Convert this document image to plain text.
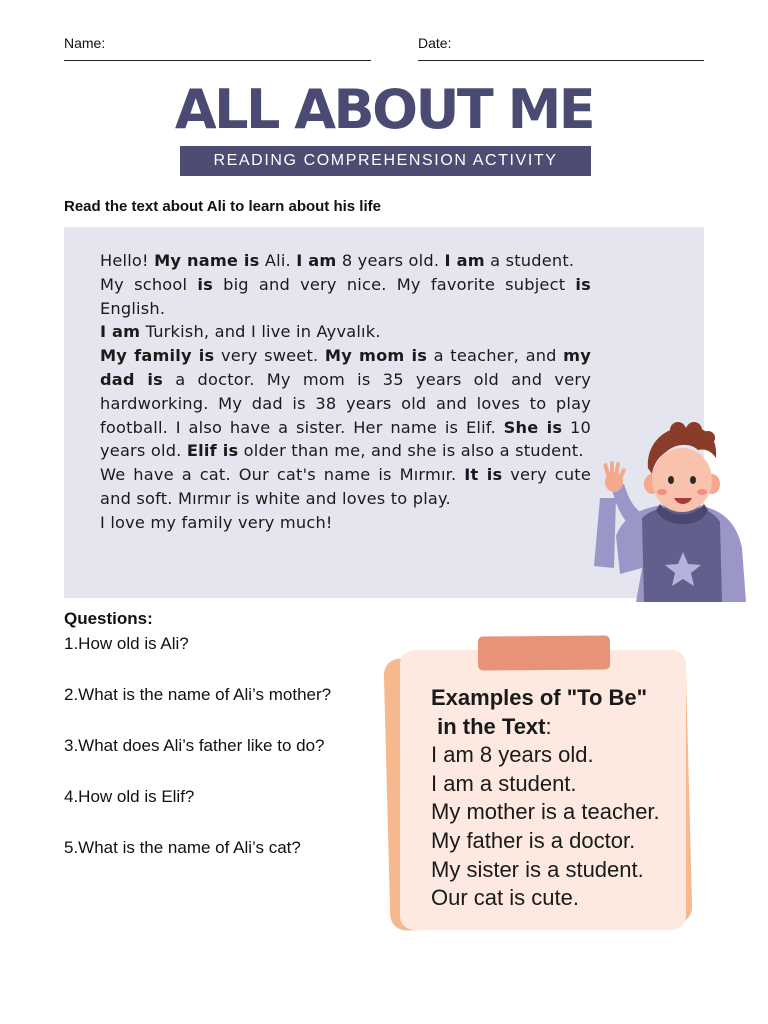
Name:	Date:
ALL ABOUT ME
READING COMPREHENSION ACTIVITY
Read the text about Ali to learn about his life

Hello! My name is Ali. I am 8 years old. I am a student.

My school is big and very nice. My favorite subject is English.

I am Turkish, and I live in Ayvalık.

My family is very sweet. My mom is a teacher, and my dad is a doctor. My mom is 35 years old and very hardworking. My dad is 38 years old and loves to play football. I also have a sister. Her name is Elif. She is 10 years old. Elif is older than me, and she is also a student.

We have a cat. Our cat's name is Mırmır. It is very cute and soft. Mırmır is white and loves to play.

I love my family very much!

Questions:
1.How old is Ali?
2.What is the name of Ali’s mother?
3.What does Ali’s father like to do?
4.How old is Elif?
5.What is the name of Ali’s cat?
Examples of "To Be"
in the Text:
I am 8 years old.
I am a student.
My mother is a teacher.
My father is a doctor.
My sister is a student.
Our cat is cute.
